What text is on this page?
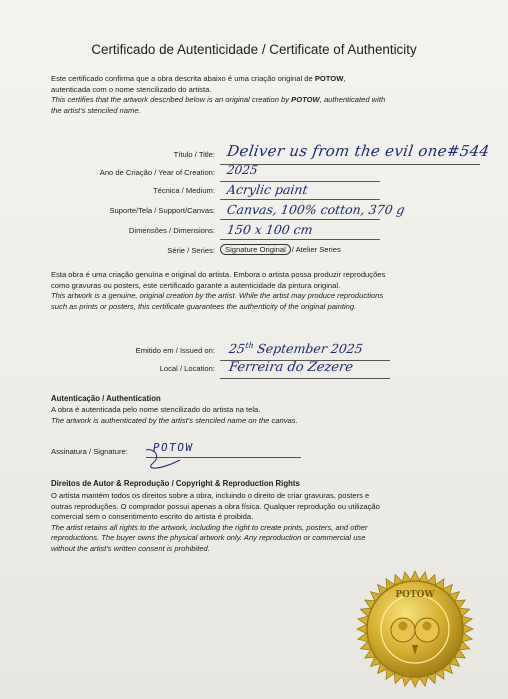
Certificado de Autenticidade / Certificate of Authenticity
Este certificado confirma que a obra descrita abaixo é uma criação original de POTOW,
autenticada com o nome stencilizado do artista.
This certifies that the artwork described below is an original creation by POTOW, authenticated with
the artist's stenciled name.
Título / Title: Deliver us from the evil one#544
Ano de Criação / Year of Creation: 2025
Técnica / Medium: Acrylic paint
Suporte/Tela / Support/Canvas: Canvas, 100% cotton, 370 g
Dimensões / Dimensions: 150 x 100 cm
Série / Series:	Signature Original / Atelier Series
Esta obra é uma criação genuína e original do artista. Embora o artista possa produzir reproduções
como gravuras ou posters, este certificado garante a autenticidade da pintura original.
This artwork is a genuine, original creation by the artist. While the artist may produce reproductions
such as prints or posters, this certificate guarantees the authenticity of the original painting.
Emitido em / Issued on: 25th September 2025
Local / Location: Ferreira do Zezere
Autenticação / Authentication
A obra é autenticada pelo nome stencilizado do artista na tela.
The artwork is authenticated by the artist's stenciled name on the canvas.
Assinatura / Signature: POTOW
Direitos de Autor & Reprodução / Copyright & Reproduction Rights
O artista mantém todos os direitos sobre a obra, incluindo o direito de criar gravuras, posters e
outras reproduções. O comprador possui apenas a obra física. Qualquer reprodução ou utilização
comercial sem o consentimento escrito do artista é proibida.
The artist retains all rights to the artwork, including the right to create prints, posters, and other
reproductions. The buyer owns the physical artwork only. Any reproduction or commercial use
without the artist's written consent is prohibited.
POTOW
